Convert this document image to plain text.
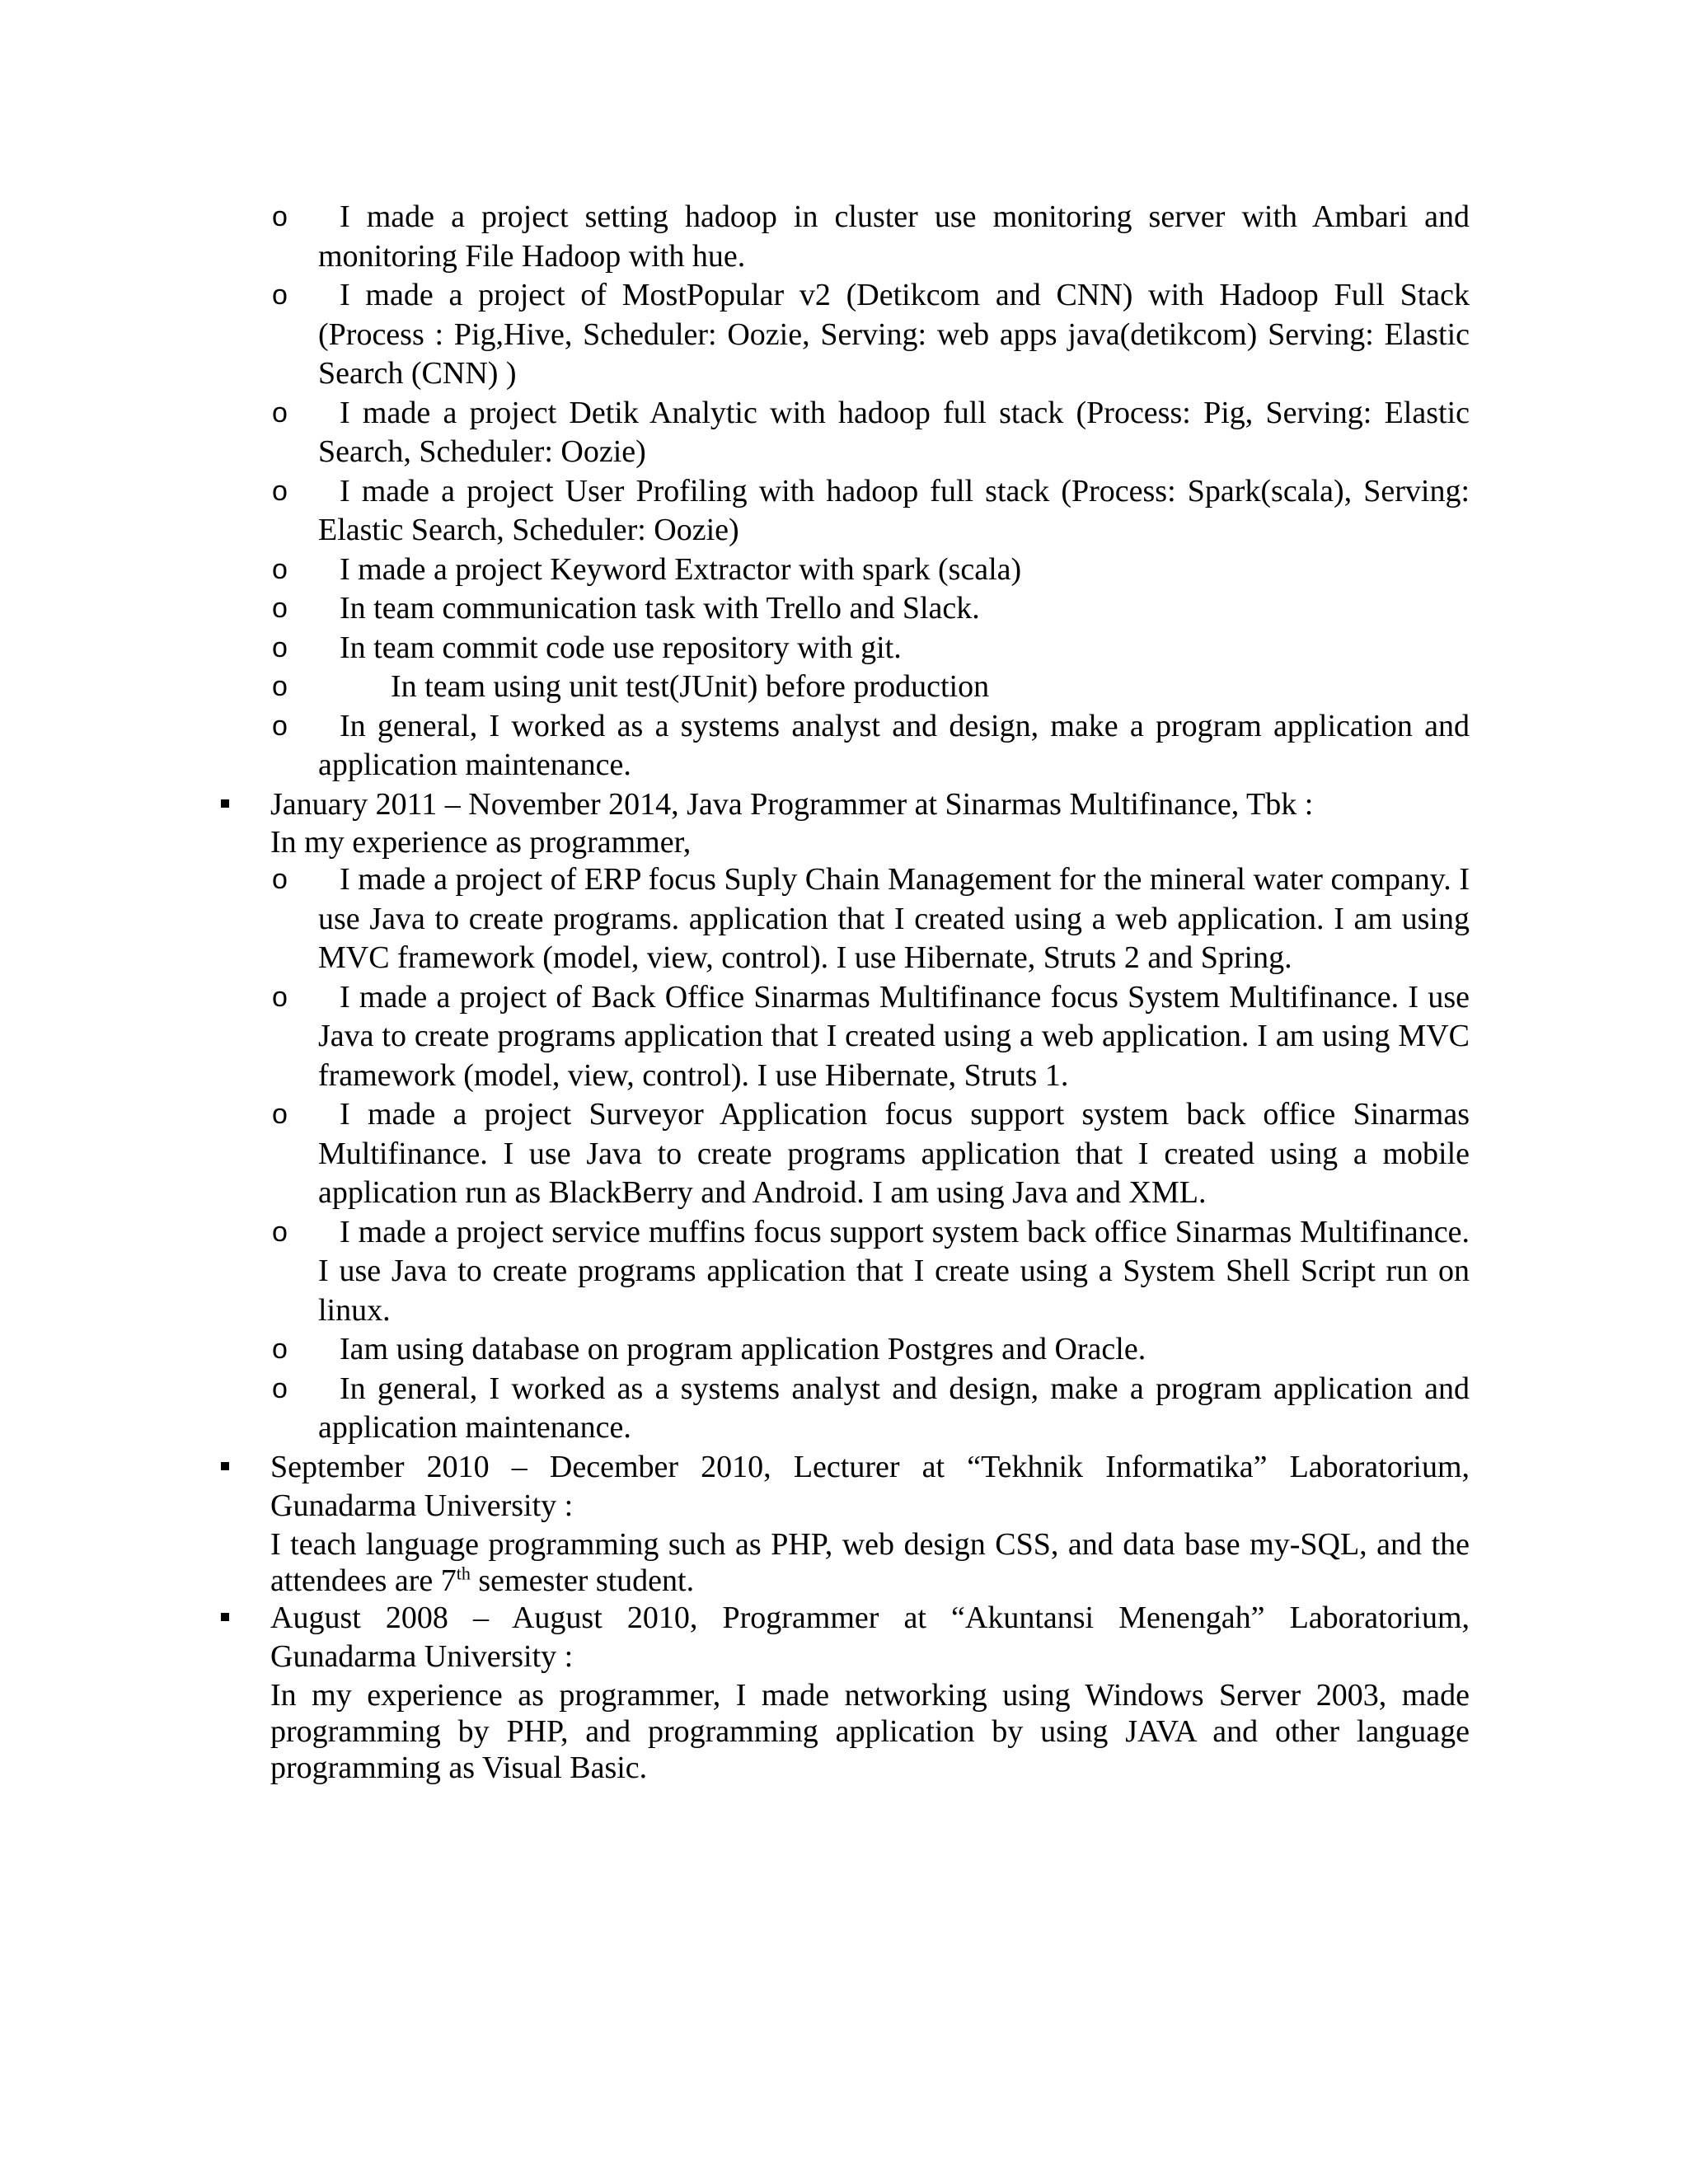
o	I made a project setting hadoop in cluster use monitoring server with Ambari and monitoring File Hadoop with hue.

o	I made a project of MostPopular v2 (Detikcom and CNN) with Hadoop Full Stack (Process : Pig,Hive, Scheduler: Oozie, Serving: web apps java(detikcom) Serving: Elastic Search (CNN) )

o	I made a project Detik Analytic with hadoop full stack (Process: Pig, Serving: Elastic Search, Scheduler: Oozie)

o	I made a project User Profiling with hadoop full stack (Process: Spark(scala), Serving: Elastic Search, Scheduler: Oozie)

o	I made a project Keyword Extractor with spark (scala)

o	In team communication task with Trello and Slack.

o	In team commit code use repository with git.

o	In team using unit test(JUnit) before production

o	In general, I worked as a systems analyst and design, make a program application and application maintenance.

January 2011 – November 2014, Java Programmer at Sinarmas Multifinance, Tbk :

In my experience as programmer,

o	I made a project of ERP focus Suply Chain Management for the mineral water company. I use Java to create programs. application that I created using a web application. I am using MVC framework (model, view, control). I use Hibernate, Struts 2 and Spring.

o	I made a project of Back Office Sinarmas Multifinance focus System Multifinance. I use Java to create programs application that I created using a web application. I am using MVC framework (model, view, control). I use Hibernate, Struts 1.

o	I made a project Surveyor Application focus support system back office Sinarmas Multifinance. I use Java to create programs application that I created using a mobile application run as BlackBerry and Android. I am using Java and XML.

o	I made a project service muffins focus support system back office Sinarmas Multifinance. I use Java to create programs application that I create using a System Shell Script run on linux.

o	Iam using database on program application Postgres and Oracle.

o	In general, I worked as a systems analyst and design, make a program application and application maintenance.

September 2010 – December 2010, Lecturer at “Tekhnik Informatika” Laboratorium, Gunadarma University :

I teach language programming such as PHP, web design CSS, and data base my-SQL, and the attendees are 7th semester student.

August 2008 – August 2010, Programmer at “Akuntansi Menengah” Laboratorium, Gunadarma University :

In my experience as programmer, I made networking using Windows Server 2003, made programming by PHP, and programming application by using JAVA and other language programming as Visual Basic.
